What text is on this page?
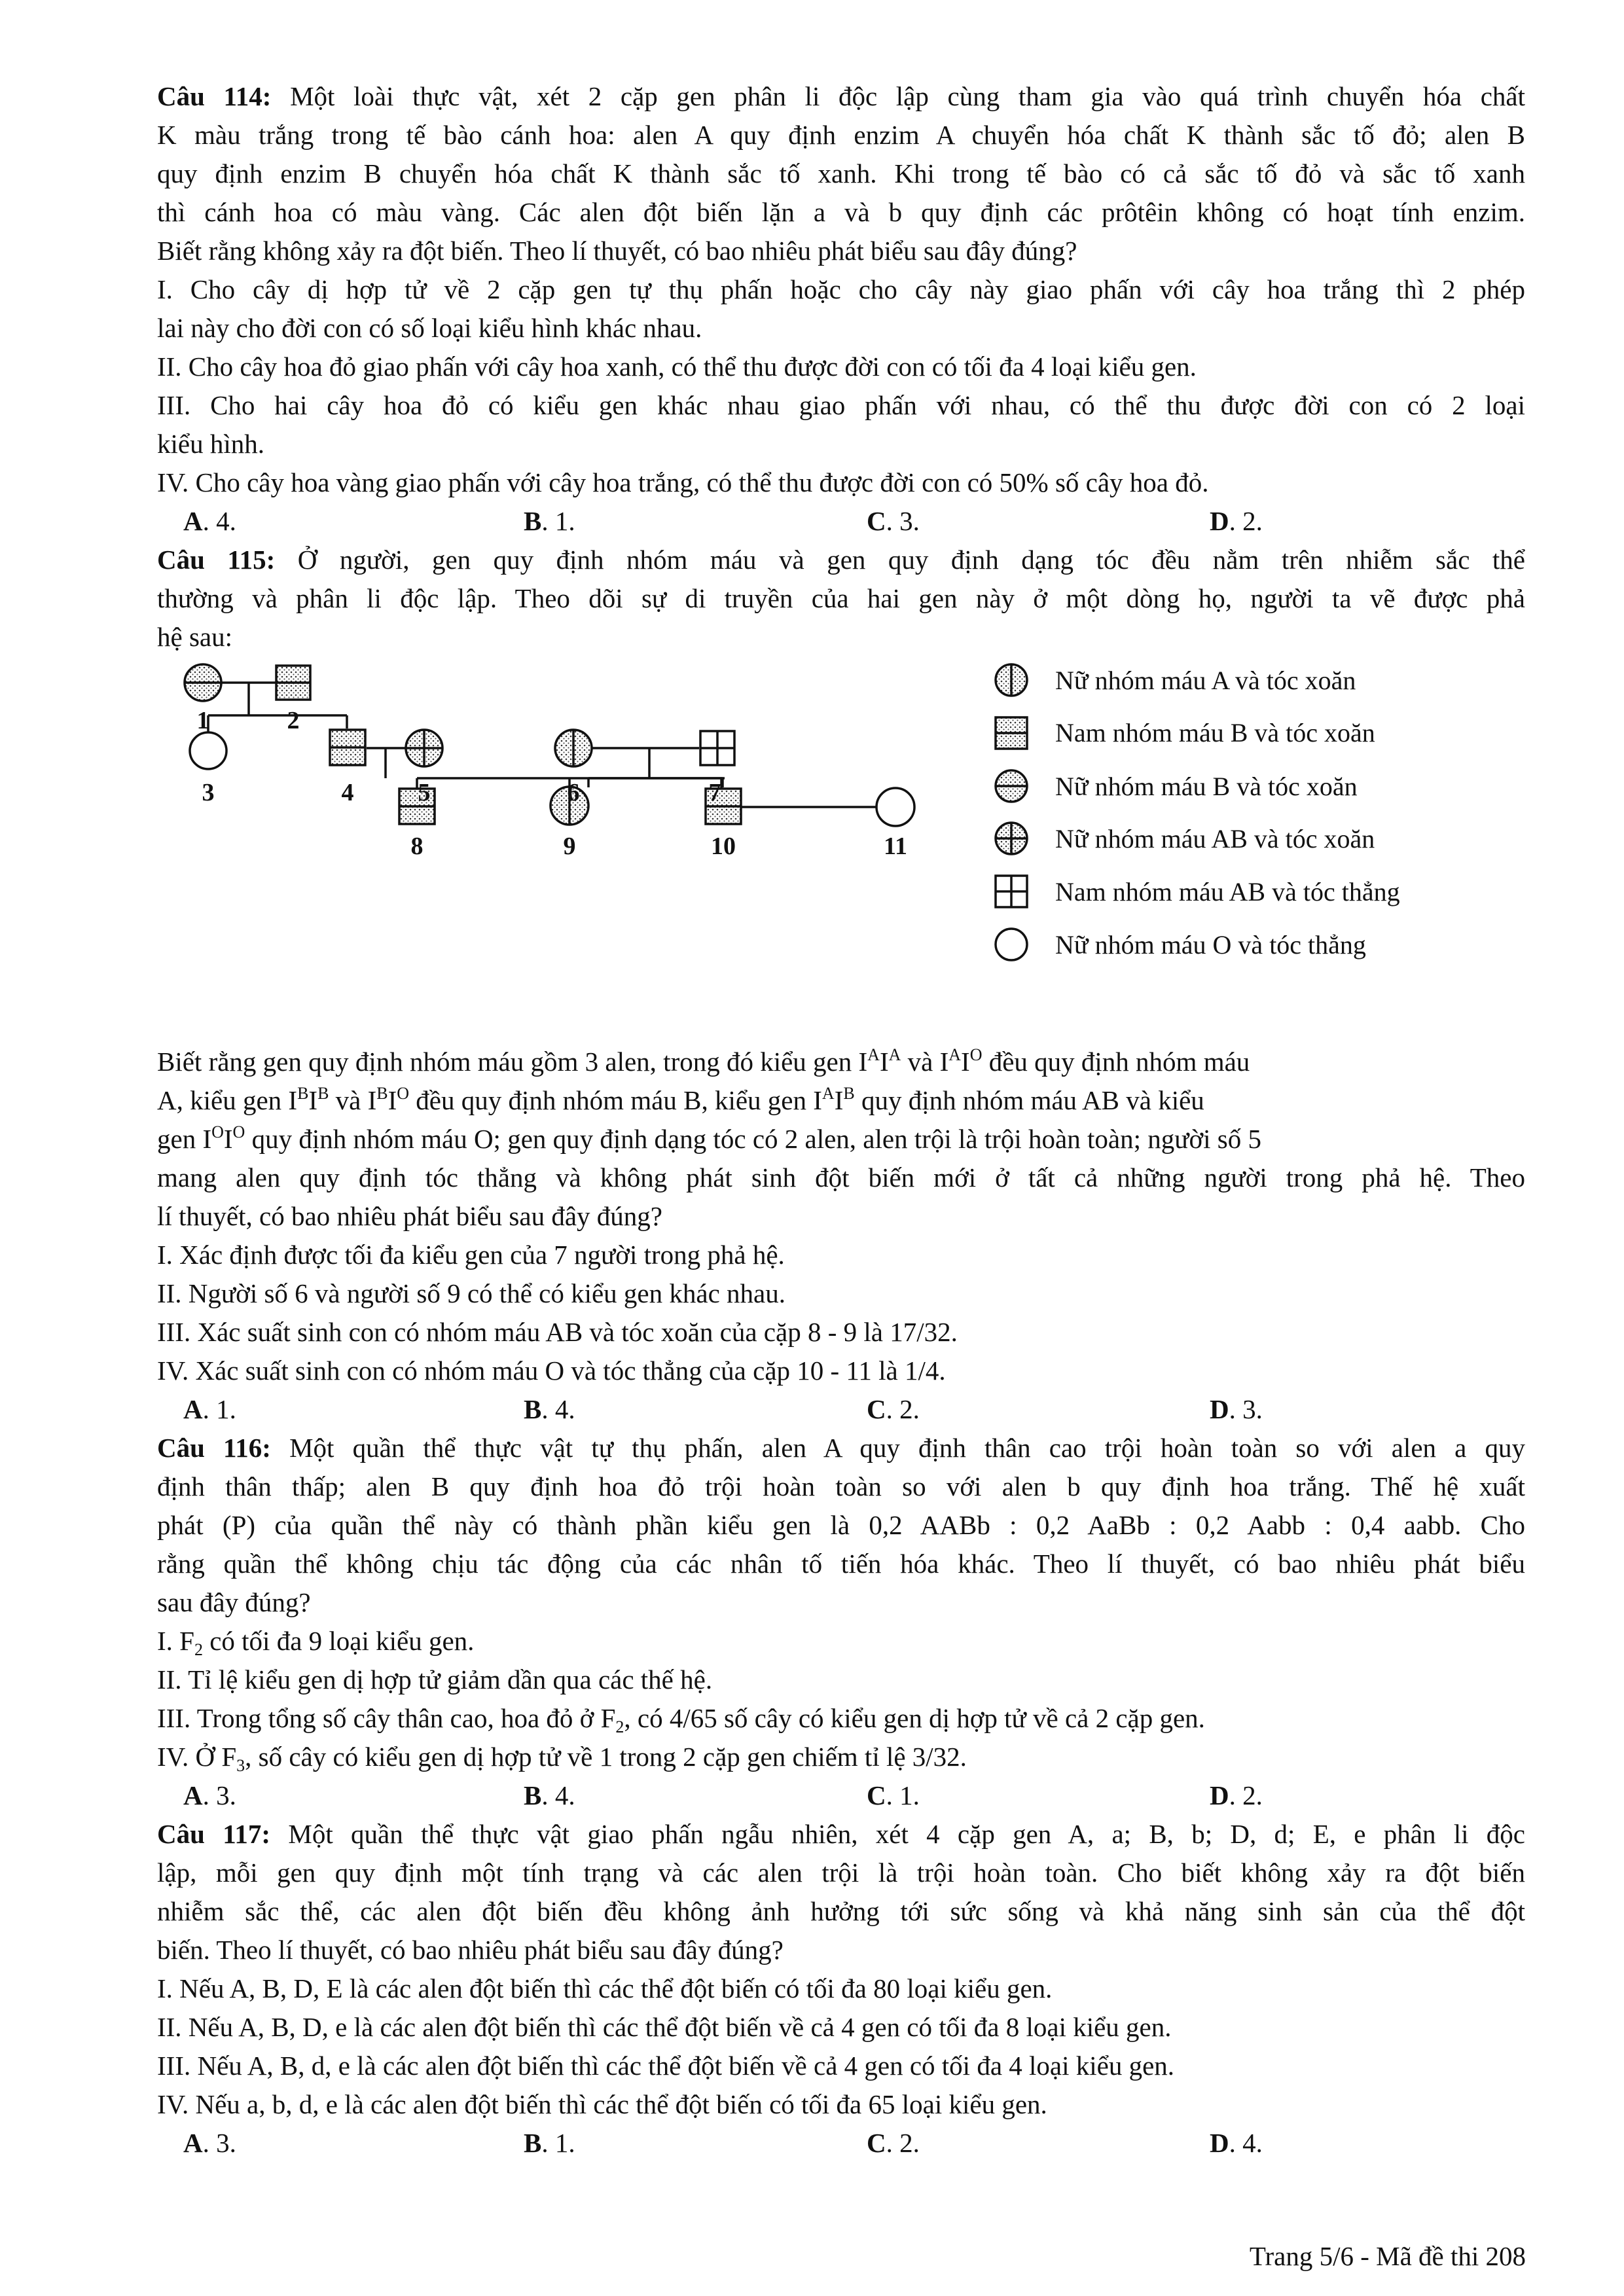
Câu 114: Một loài thực vật, xét 2 cặp gen phân li độc lập cùng tham gia vào quá trình chuyển hóa chất
K màu trắng trong tế bào cánh hoa: alen A quy định enzim A chuyển hóa chất K thành sắc tố đỏ; alen B
quy định enzim B chuyển hóa chất K thành sắc tố xanh. Khi trong tế bào có cả sắc tố đỏ và sắc tố xanh
thì cánh hoa có màu vàng. Các alen đột biến lặn a và b quy định các prôtêin không có hoạt tính enzim.
Biết rằng không xảy ra đột biến. Theo lí thuyết, có bao nhiêu phát biểu sau đây đúng?
I. Cho cây dị hợp tử về 2 cặp gen tự thụ phấn hoặc cho cây này giao phấn với cây hoa trắng thì 2 phép
lai này cho đời con có số loại kiểu hình khác nhau.
II. Cho cây hoa đỏ giao phấn với cây hoa xanh, có thể thu được đời con có tối đa 4 loại kiểu gen.
III. Cho hai cây hoa đỏ có kiểu gen khác nhau giao phấn với nhau, có thể thu được đời con có 2 loại
kiểu hình.
IV. Cho cây hoa vàng giao phấn với cây hoa trắng, có thể thu được đời con có 50% số cây hoa đỏ.
A. 4.	B. 1.	C. 3.	D. 2.
Câu 115: Ở người, gen quy định nhóm máu và gen quy định dạng tóc đều nằm trên nhiễm sắc thể
thường và phân li độc lập. Theo dõi sự di truyền của hai gen này ở một dòng họ, người ta vẽ được phả
hệ sau:
1	2
3	4	5	6	7
8	9	10	11
Nữ nhóm máu A và tóc xoăn
Nam nhóm máu B và tóc xoăn
Nữ nhóm máu B và tóc xoăn
Nữ nhóm máu AB và tóc xoăn
Nam nhóm máu AB và tóc thẳng
Nữ nhóm máu O và tóc thẳng
Biết rằng gen quy định nhóm máu gồm 3 alen, trong đó kiểu gen $I^AI^A$ và $I^AI^O$ đều quy định nhóm máu
A, kiểu gen $I^BI^B$ và $I^BI^O$ đều quy định nhóm máu B, kiểu gen $I^AI^B$ quy định nhóm máu AB và kiểu
gen $I^OI^O$ quy định nhóm máu O; gen quy định dạng tóc có 2 alen, alen trội là trội hoàn toàn; người số 5
mang alen quy định tóc thẳng và không phát sinh đột biến mới ở tất cả những người trong phả hệ. Theo
lí thuyết, có bao nhiêu phát biểu sau đây đúng?
I. Xác định được tối đa kiểu gen của 7 người trong phả hệ.
II. Người số 6 và người số 9 có thể có kiểu gen khác nhau.
III. Xác suất sinh con có nhóm máu AB và tóc xoăn của cặp 8 - 9 là 17/32.
IV. Xác suất sinh con có nhóm máu O và tóc thẳng của cặp 10 - 11 là 1/4.
A. 1.	B. 4.	C. 2.	D. 3.
Câu 116: Một quần thể thực vật tự thụ phấn, alen A quy định thân cao trội hoàn toàn so với alen a quy
định thân thấp; alen B quy định hoa đỏ trội hoàn toàn so với alen b quy định hoa trắng. Thế hệ xuất
phát (P) của quần thể này có thành phần kiểu gen là 0,2 AABb : 0,2 AaBb : 0,2 Aabb : 0,4 aabb. Cho
rằng quần thể không chịu tác động của các nhân tố tiến hóa khác. Theo lí thuyết, có bao nhiêu phát biểu
sau đây đúng?
I. $F_2$ có tối đa 9 loại kiểu gen.
II. Tỉ lệ kiểu gen dị hợp tử giảm dần qua các thế hệ.
III. Trong tổng số cây thân cao, hoa đỏ ở $F_2$, có 4/65 số cây có kiểu gen dị hợp tử về cả 2 cặp gen.
IV. Ở $F_3$, số cây có kiểu gen dị hợp tử về 1 trong 2 cặp gen chiếm tỉ lệ 3/32.
A. 3.	B. 4.	C. 1.	D. 2.
Câu 117: Một quần thể thực vật giao phấn ngẫu nhiên, xét 4 cặp gen A, a; B, b; D, d; E, e phân li độc
lập, mỗi gen quy định một tính trạng và các alen trội là trội hoàn toàn. Cho biết không xảy ra đột biến
nhiễm sắc thể, các alen đột biến đều không ảnh hưởng tới sức sống và khả năng sinh sản của thể đột
biến. Theo lí thuyết, có bao nhiêu phát biểu sau đây đúng?
I. Nếu A, B, D, E là các alen đột biến thì các thể đột biến có tối đa 80 loại kiểu gen.
II. Nếu A, B, D, e là các alen đột biến thì các thể đột biến về cả 4 gen có tối đa 8 loại kiểu gen.
III. Nếu A, B, d, e là các alen đột biến thì các thể đột biến về cả 4 gen có tối đa 4 loại kiểu gen.
IV. Nếu a, b, d, e là các alen đột biến thì các thể đột biến có tối đa 65 loại kiểu gen.
A. 3.	B. 1.	C. 2.	D. 4.
Trang 5/6 - Mã đề thi 208
